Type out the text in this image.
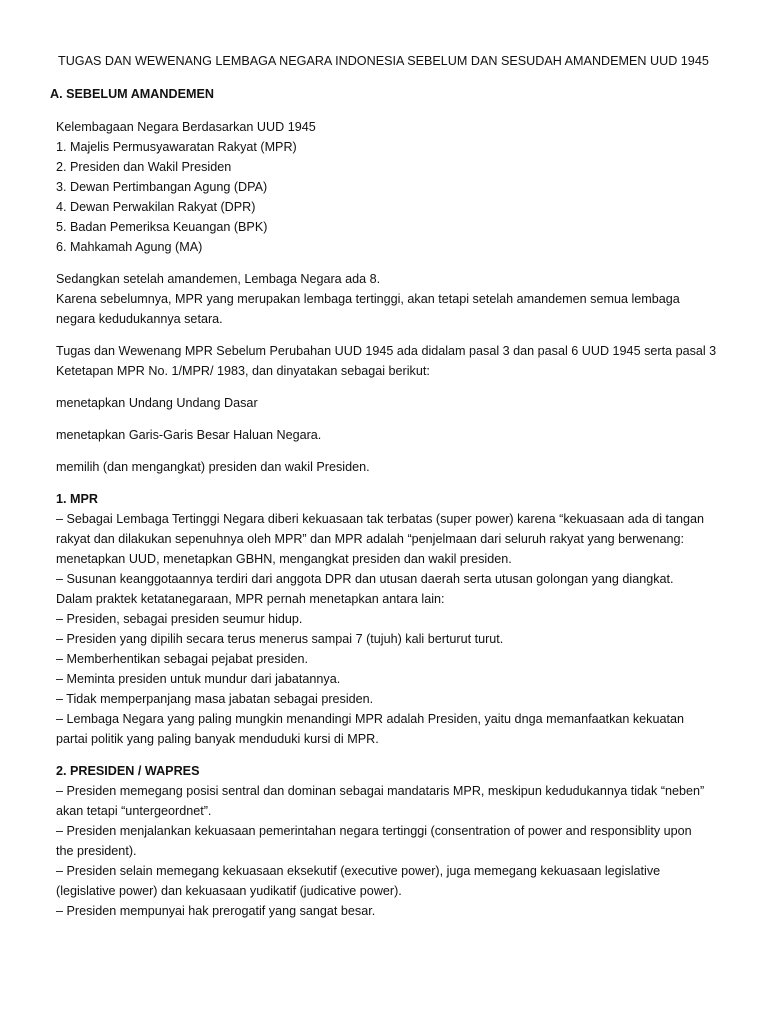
TUGAS DAN WEWENANG LEMBAGA NEGARA INDONESIA SEBELUM DAN SESUDAH AMANDEMEN UUD 1945

A. SEBELUM AMANDEMEN

Kelembagaan Negara Berdasarkan UUD 1945

1. Majelis Permusyawaratan Rakyat (MPR)

2. Presiden dan Wakil Presiden

3. Dewan Pertimbangan Agung (DPA)

4. Dewan Perwakilan Rakyat (DPR)

5. Badan Pemeriksa Keuangan (BPK)

6. Mahkamah Agung (MA)

Sedangkan setelah amandemen, Lembaga Negara ada 8.

Karena sebelumnya, MPR yang merupakan lembaga tertinggi, akan tetapi setelah amandemen semua lembaga

negara kedudukannya setara.

Tugas dan Wewenang MPR Sebelum Perubahan UUD 1945 ada didalam pasal 3 dan pasal 6 UUD 1945 serta pasal 3

Ketetapan MPR No. 1/MPR/ 1983, dan dinyatakan sebagai berikut:

menetapkan Undang Undang Dasar

menetapkan Garis-Garis Besar Haluan Negara.

memilih (dan mengangkat) presiden dan wakil Presiden.

1. MPR

– Sebagai Lembaga Tertinggi Negara diberi kekuasaan tak terbatas (super power) karena “kekuasaan ada di tangan

rakyat dan dilakukan sepenuhnya oleh MPR” dan MPR adalah “penjelmaan dari seluruh rakyat yang berwenang:

menetapkan UUD, menetapkan GBHN, mengangkat presiden dan wakil presiden.

– Susunan keanggotaannya terdiri dari anggota DPR dan utusan daerah serta utusan golongan yang diangkat.

Dalam praktek ketatanegaraan, MPR pernah menetapkan antara lain:

– Presiden, sebagai presiden seumur hidup.

– Presiden yang dipilih secara terus menerus sampai 7 (tujuh) kali berturut turut.

– Memberhentikan sebagai pejabat presiden.

– Meminta presiden untuk mundur dari jabatannya.

– Tidak memperpanjang masa jabatan sebagai presiden.

– Lembaga Negara yang paling mungkin menandingi MPR adalah Presiden, yaitu dnga memanfaatkan kekuatan

partai politik yang paling banyak menduduki kursi di MPR.

2. PRESIDEN / WAPRES

– Presiden memegang posisi sentral dan dominan sebagai mandataris MPR, meskipun kedudukannya tidak “neben”

akan tetapi “untergeordnet”.

– Presiden menjalankan kekuasaan pemerintahan negara tertinggi (consentration of power and responsiblity upon

the president).

– Presiden selain memegang kekuasaan eksekutif (executive power), juga memegang kekuasaan legislative

(legislative power) dan kekuasaan yudikatif (judicative power).

– Presiden mempunyai hak prerogatif yang sangat besar.
